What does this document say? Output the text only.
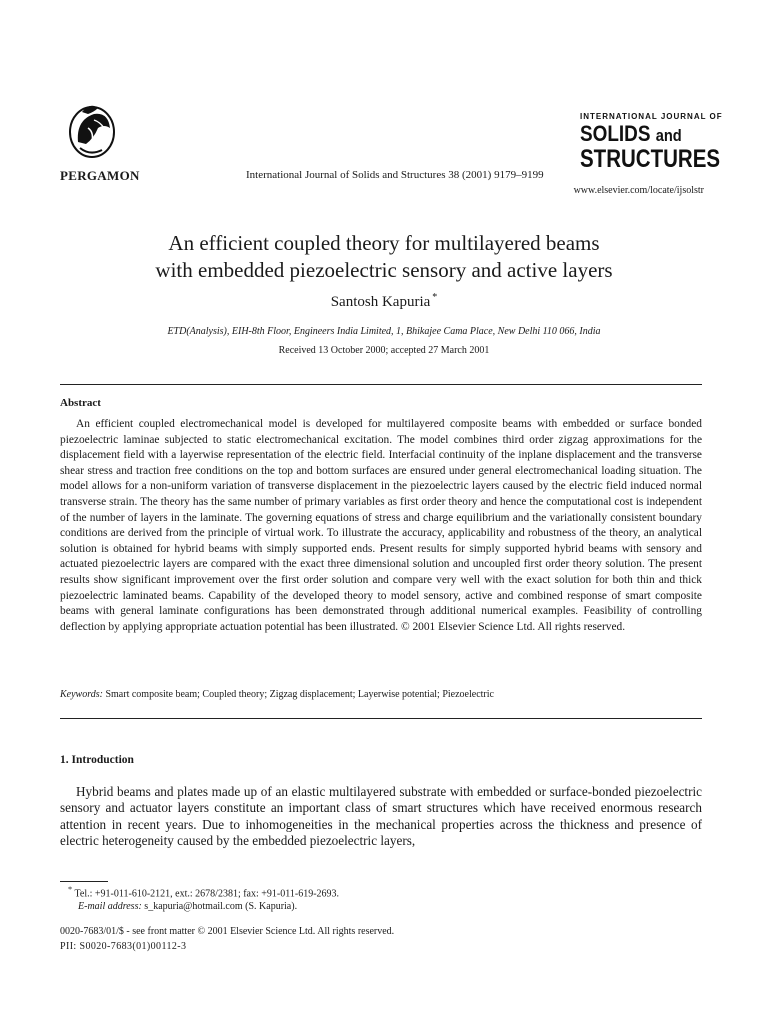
PERGAMON	International Journal of Solids and Structures 38 (2001) 9179–9199
INTERNATIONAL JOURNAL OF
SOLIDS and
STRUCTURES
www.elsevier.com/locate/ijsolstr
An efficient coupled theory for multilayered beams
with embedded piezoelectric sensory and active layers
Santosh Kapuria *
ETD(Analysis), EIH-8th Floor, Engineers India Limited, 1, Bhikajee Cama Place, New Delhi 110 066, India
Received 13 October 2000; accepted 27 March 2001
Abstract

An efficient coupled electromechanical model is developed for multilayered composite beams with embedded or surface bonded piezoelectric laminae subjected to static electromechanical excitation. The model combines third order zigzag approximations for the displacement field with a layerwise representation of the electric field. Interfacial continuity of the inplane displacement and the transverse shear stress and traction free conditions on the top and bottom surfaces are ensured under general electromechanical loading situation. The model allows for a non-uniform variation of transverse displacement in the piezoelectric layers caused by the electric field induced normal transverse strain. The theory has the same number of primary variables as first order theory and hence the computational cost is independent of the number of layers in the laminate. The governing equations of stress and charge equilibrium and the variationally consistent boundary conditions are derived from the principle of virtual work. To illustrate the accuracy, applicability and robustness of the theory, an analytical solution is obtained for hybrid beams with simply supported ends. Present results for simply supported hybrid beams with sensory and actuated piezoelectric layers are compared with the exact three dimensional solution and uncoupled first order theory solution. The present results show significant improvement over the first order solution and compare very well with the exact solution for both thin and thick piezoelectric laminated beams. Capability of the developed theory to model sensory, active and combined response of smart composite beams with general laminate configurations has been demonstrated through additional numerical examples. Feasibility of controlling deflection by applying appropriate actuation potential has been illustrated. © 2001 Elsevier Science Ltd. All rights reserved.

Keywords: Smart composite beam; Coupled theory; Zigzag displacement; Layerwise potential; Piezoelectric
1. Introduction

Hybrid beams and plates made up of an elastic multilayered substrate with embedded or surface-bonded piezoelectric sensory and actuator layers constitute an important class of smart structures which have received enormous research attention in recent years. Due to inhomogeneities in the mechanical properties across the thickness and presence of electric heterogeneity caused by the embedded piezoelectric layers,

* Tel.: +91-011-610-2121, ext.: 2678/2381; fax: +91-011-619-2693.
E-mail address: s_kapuria@hotmail.com (S. Kapuria).
0020-7683/01/$ - see front matter © 2001 Elsevier Science Ltd. All rights reserved.
PII: S0020-7683(01)00112-3
